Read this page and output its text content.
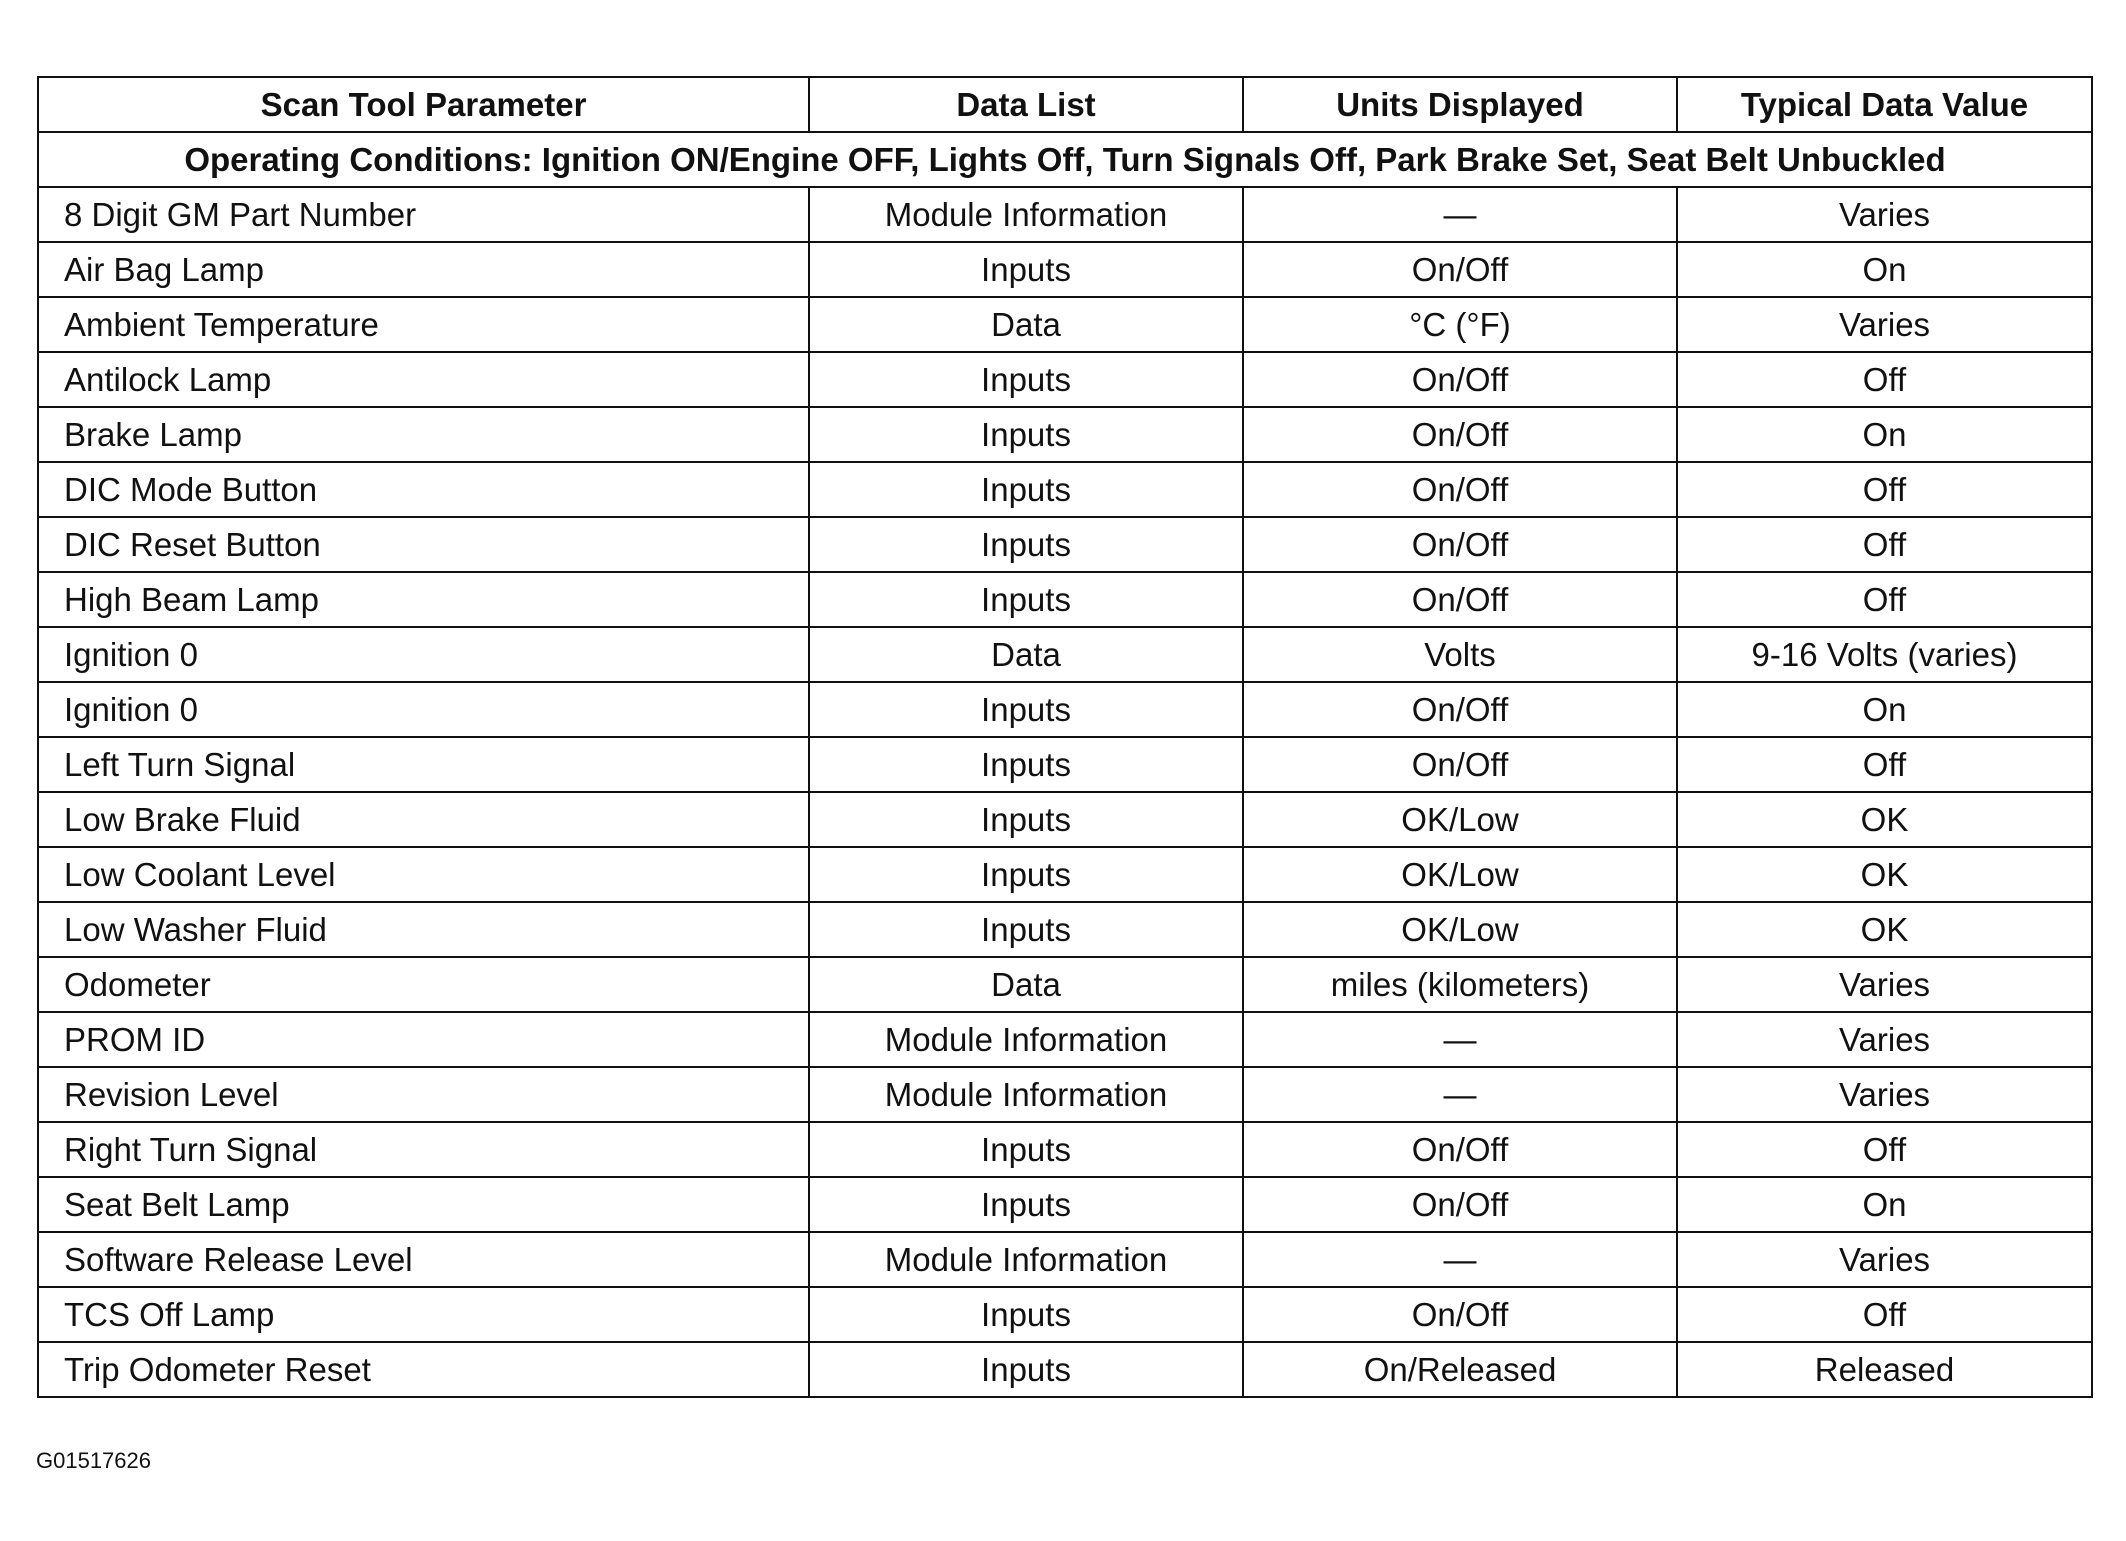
Scan Tool Parameter	Data List	Units Displayed	Typical Data Value
Operating Conditions: Ignition ON/Engine OFF, Lights Off, Turn Signals Off, Park Brake Set, Seat Belt Unbuckled			
8 Digit GM Part Number	Module Information	—	Varies
Air Bag Lamp	Inputs	On/Off	On
Ambient Temperature	Data	°C (°F)	Varies
Antilock Lamp	Inputs	On/Off	Off
Brake Lamp	Inputs	On/Off	On
DIC Mode Button	Inputs	On/Off	Off
DIC Reset Button	Inputs	On/Off	Off
High Beam Lamp	Inputs	On/Off	Off
Ignition 0	Data	Volts	9-16 Volts (varies)
Ignition 0	Inputs	On/Off	On
Left Turn Signal	Inputs	On/Off	Off
Low Brake Fluid	Inputs	OK/Low	OK
Low Coolant Level	Inputs	OK/Low	OK
Low Washer Fluid	Inputs	OK/Low	OK
Odometer	Data	miles (kilometers)	Varies
PROM ID	Module Information	—	Varies
Revision Level	Module Information	—	Varies
Right Turn Signal	Inputs	On/Off	Off
Seat Belt Lamp	Inputs	On/Off	On
Software Release Level	Module Information	—	Varies
TCS Off Lamp	Inputs	On/Off	Off
Trip Odometer Reset	Inputs	On/Released	Released
G01517626
